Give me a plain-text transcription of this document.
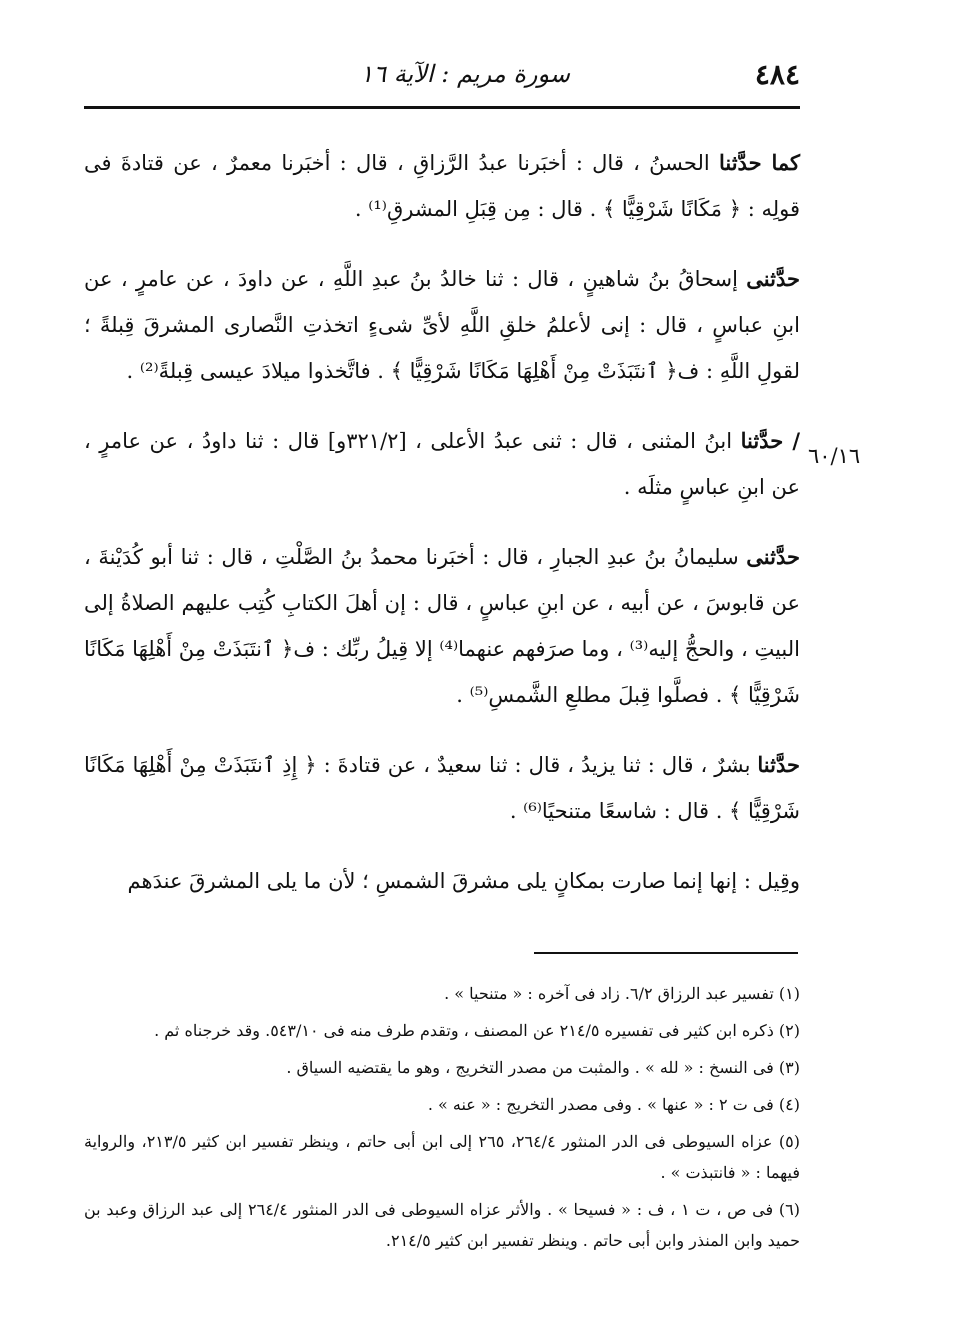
٤٨٤
سورة مريم : الآية ١٦
٦٠/١٦

كما حدَّثنا الحسنُ ، قال : أخبَرنا عبدُ الرَّزاقِ ، قال : أخبَرنا معمرٌ ، عن قتادةَ فى قولِه : ﴿ مَكَانًا شَرْقِيًّا ﴾ . قال : مِن قِبَلِ المشرقِ⁽¹⁾ .

حدَّثنى إسحاقُ بنُ شاهينٍ ، قال : ثنا خالدُ بنُ عبدِ اللَّهِ ، عن داودَ ، عن عامرٍ ، عن ابنِ عباسٍ ، قال : إنى لأعلمُ خلقِ اللَّهِ لأىِّ شىءٍ اتخذتِ النَّصارى المشرقَ قِبلةً ؛ لقولِ اللَّهِ : ف﴿ ٱنتَبَذَتْ مِنْ أَهْلِهَا مَكَانًا شَرْقِيًّا ﴾ . فاتَّخذوا ميلادَ عيسى قِبلةً⁽²⁾ .

/ حدَّثنا ابنُ المثنى ، قال : ثنى عبدُ الأعلى ، [٣٢١/٢و] قال : ثنا داودُ ، عن عامرٍ ، عن ابنِ عباسٍ مثلَه .

حدَّثنى سليمانُ بنُ عبدِ الجبارِ ، قال : أخبَرنا محمدُ بنُ الصَّلْتِ ، قال : ثنا أبو كُدَيْنةَ ، عن قابوسَ ، عن أبيه ، عن ابنِ عباسٍ ، قال : إن أهلَ الكتابِ كُتِب عليهم الصلاةُ إلى البيتِ ، والحجُّ إليه⁽³⁾ ، وما صرَفهم عنهما⁽⁴⁾ إلا قِيلُ ربِّك : ف﴿ ٱنتَبَذَتْ مِنْ أَهْلِهَا مَكَانًا شَرْقِيًّا ﴾ . فصلَّوا قِبلَ مطلعِ الشَّمسِ⁽⁵⁾ .

حدَّثنا بشرٌ ، قال : ثنا يزيدُ ، قال : ثنا سعيدٌ ، عن قتادةَ : ﴿ إِذِ ٱنتَبَذَتْ مِنْ أَهْلِهَا مَكَانًا شَرْقِيًّا ﴾ . قال : شاسعًا متنحيًا⁽⁶⁾ .

وقِيل : إنها إنما صارت بمكانٍ يلى مشرقَ الشمسِ ؛ لأن ما يلى المشرقَ عندَهم

(١) تفسير عبد الرزاق ٦/٢. زاد فى آخره : « متنحيا » .

(٢) ذكره ابن كثير فى تفسيره ٢١٤/٥ عن المصنف ، وتقدم طرف منه فى ٥٤٣/١٠. وقد خرجناه ثم .

(٣) فى النسخ : « لله » . والمثبت من مصدر التخريج ، وهو ما يقتضيه السياق .

(٤) فى ت ٢ : « عنها » . وفى مصدر التخريج : « عنه » .

(٥) عزاه السيوطى فى الدر المنثور ٢٦٤/٤، ٢٦٥ إلى ابن أبى حاتم ، وينظر تفسير ابن كثير ٢١٣/٥، والرواية فيهما : « فانتبذت » .

(٦) فى ص ، ت ١ ، ف : « فسيحا » . والأثر عزاه السيوطى فى الدر المنثور ٢٦٤/٤ إلى عبد الرزاق وعبد بن حميد وابن المنذر وابن أبى حاتم . وينظر تفسير ابن كثير ٢١٤/٥.
